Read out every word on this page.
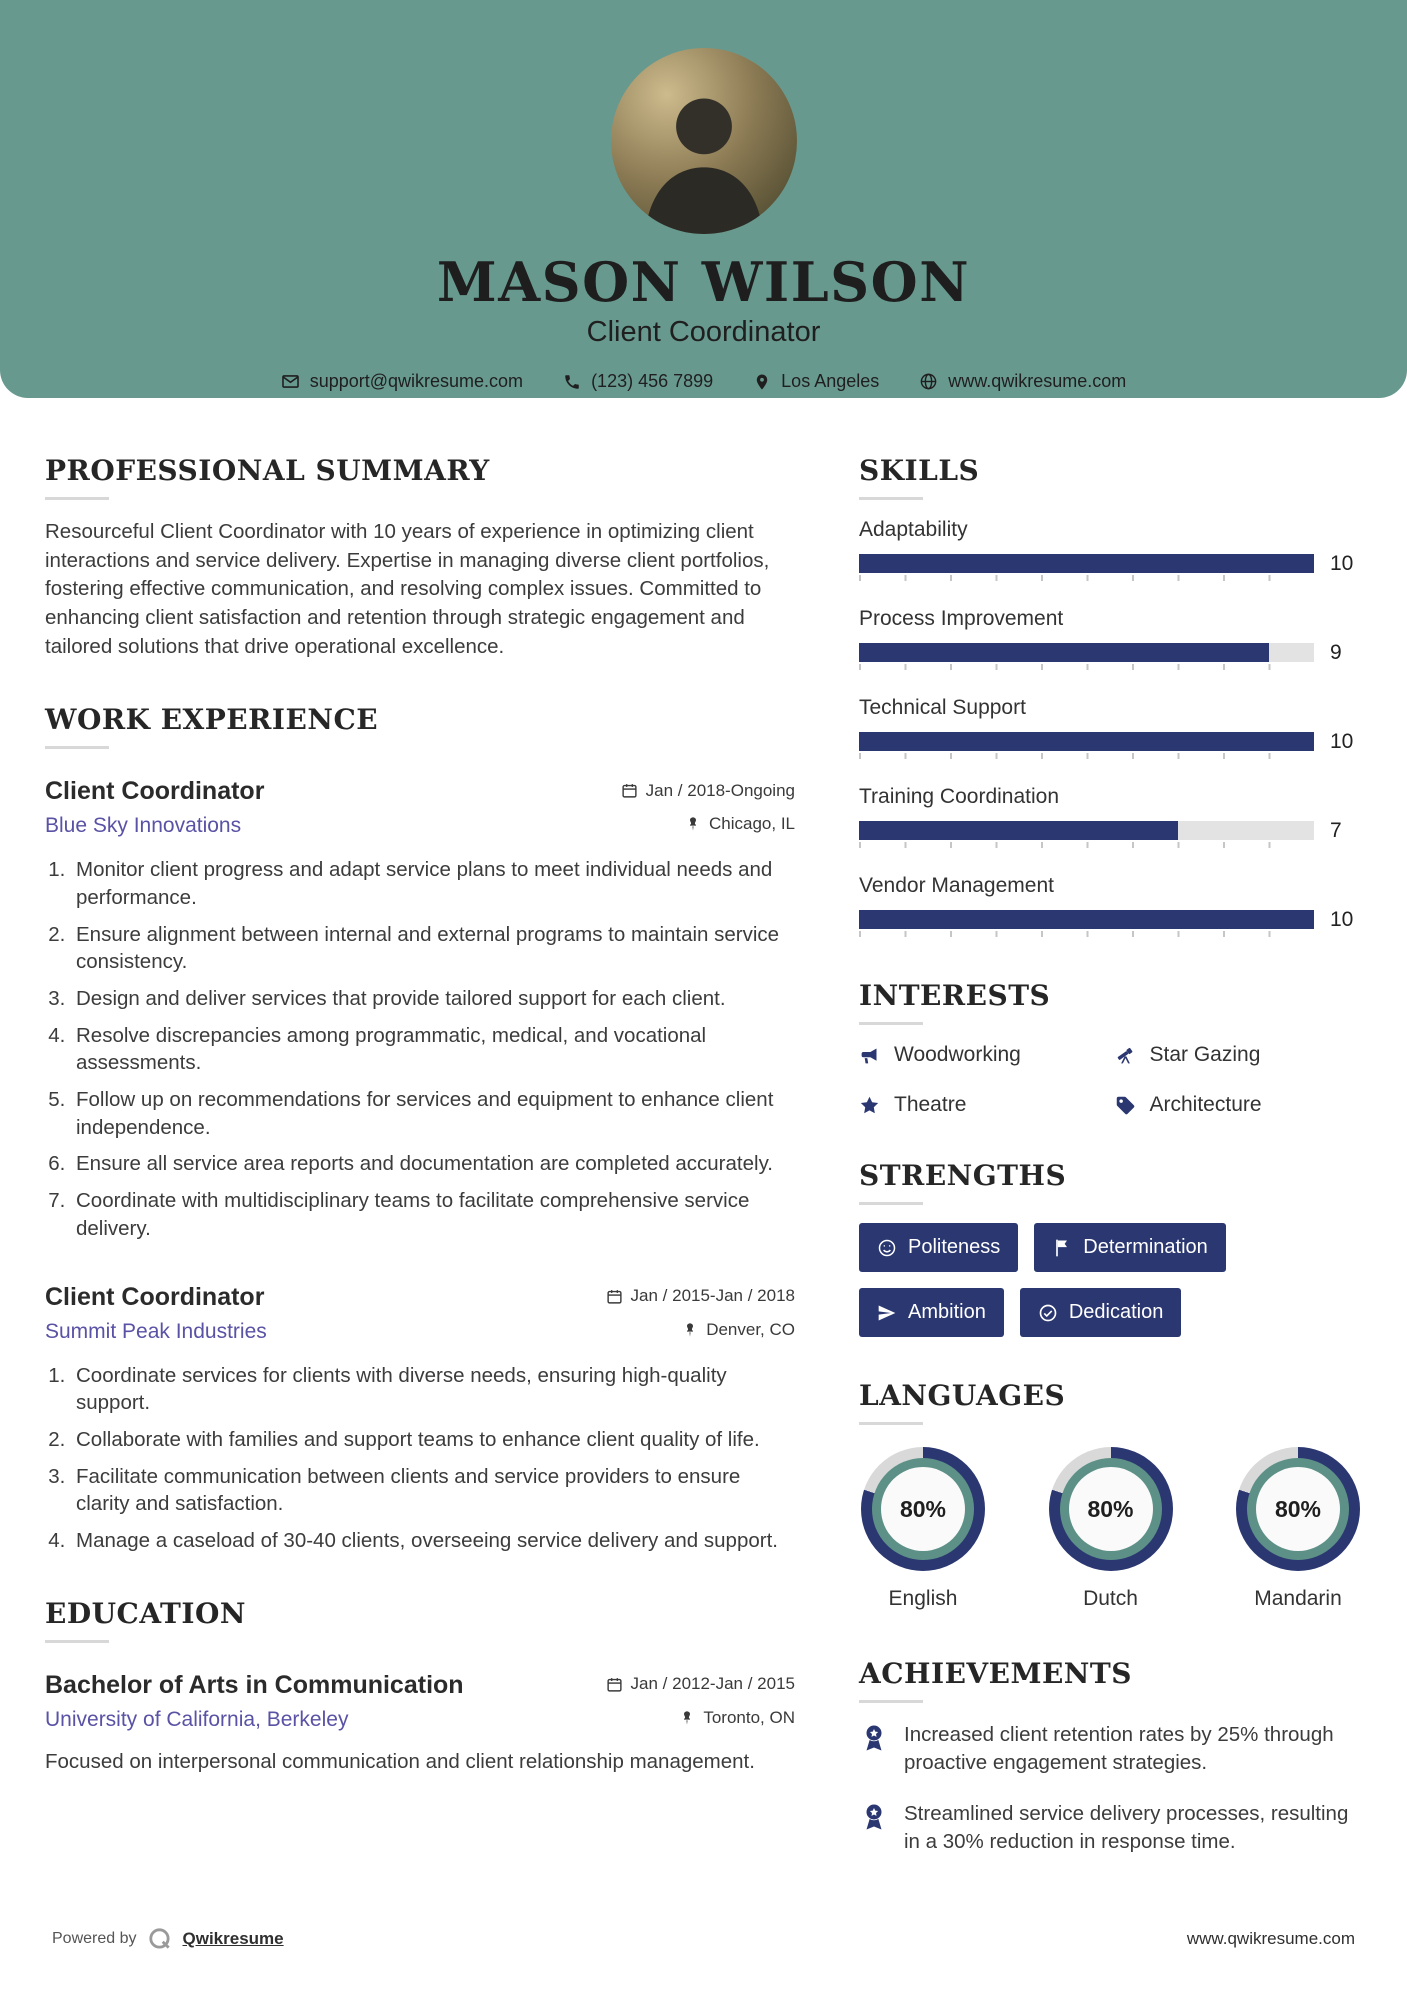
MASON WILSON
Client Coordinator
support@qwikresume.com	(123) 456 7899	Los Angeles	www.qwikresume.com
PROFESSIONAL SUMMARY

Resourceful Client Coordinator with 10 years of experience in optimizing client interactions and service delivery. Expertise in managing diverse client portfolios, fostering effective communication, and resolving complex issues. Committed to enhancing client satisfaction and retention through strategic engagement and tailored solutions that drive operational excellence.

WORK EXPERIENCE
Client Coordinator	Jan / 2018-Ongoing
Blue Sky Innovations	Chicago, IL
1. Monitor client progress and adapt service plans to meet individual needs and performance.
2. Ensure alignment between internal and external programs to maintain service consistency.
3. Design and deliver services that provide tailored support for each client.
4. Resolve discrepancies among programmatic, medical, and vocational assessments.
5. Follow up on recommendations for services and equipment to enhance client independence.
6. Ensure all service area reports and documentation are completed accurately.
7. Coordinate with multidisciplinary teams to facilitate comprehensive service delivery.
Client Coordinator	Jan / 2015-Jan / 2018
Summit Peak Industries	Denver, CO
1. Coordinate services for clients with diverse needs, ensuring high-quality support.
2. Collaborate with families and support teams to enhance client quality of life.
3. Facilitate communication between clients and service providers to ensure clarity and satisfaction.
4. Manage a caseload of 30-40 clients, overseeing service delivery and support.
EDUCATION
Bachelor of Arts in Communication	Jan / 2012-Jan / 2015
University of California, Berkeley	Toronto, ON

Focused on interpersonal communication and client relationship management.

SKILLS
Adaptability
10
Process Improvement
9
Technical Support
10
Training Coordination
7
Vendor Management
10
INTERESTS
Woodworking	Star Gazing
Theatre	Architecture
STRENGTHS
Politeness	Determination
Ambition	Dedication
LANGUAGES
80%
English
80%
Dutch
80%
Mandarin
ACHIEVEMENTS
Increased client retention rates by 25% through proactive engagement strategies.
Streamlined service delivery processes, resulting in a 30% reduction in response time.
Powered by	Qwikresume	www.qwikresume.com
